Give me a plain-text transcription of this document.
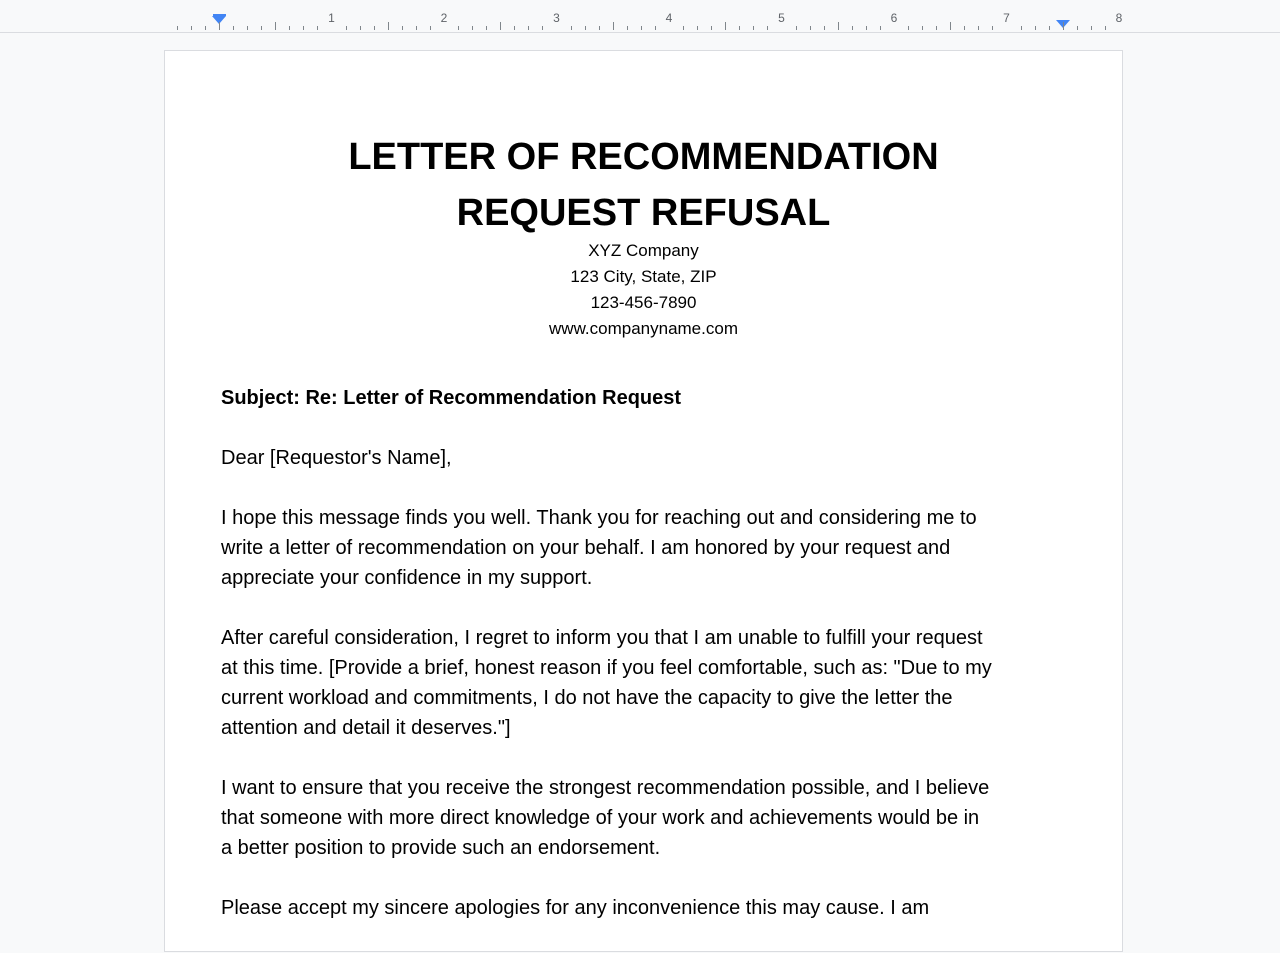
1	2	3	4	5	6	7	8
LETTER OF RECOMMENDATION
REQUEST REFUSAL
XYZ Company
123 City, State, ZIP
123-456-7890
www.companyname.com

Subject: Re: Letter of Recommendation Request

Dear [Requestor's Name],

I hope this message finds you well. Thank you for reaching out and considering me to
write a letter of recommendation on your behalf. I am honored by your request and
appreciate your confidence in my support.

After careful consideration, I regret to inform you that I am unable to fulfill your request
at this time. [Provide a brief, honest reason if you feel comfortable, such as: "Due to my
current workload and commitments, I do not have the capacity to give the letter the
attention and detail it deserves."]

I want to ensure that you receive the strongest recommendation possible, and I believe
that someone with more direct knowledge of your work and achievements would be in
a better position to provide such an endorsement.

Please accept my sincere apologies for any inconvenience this may cause. I am
